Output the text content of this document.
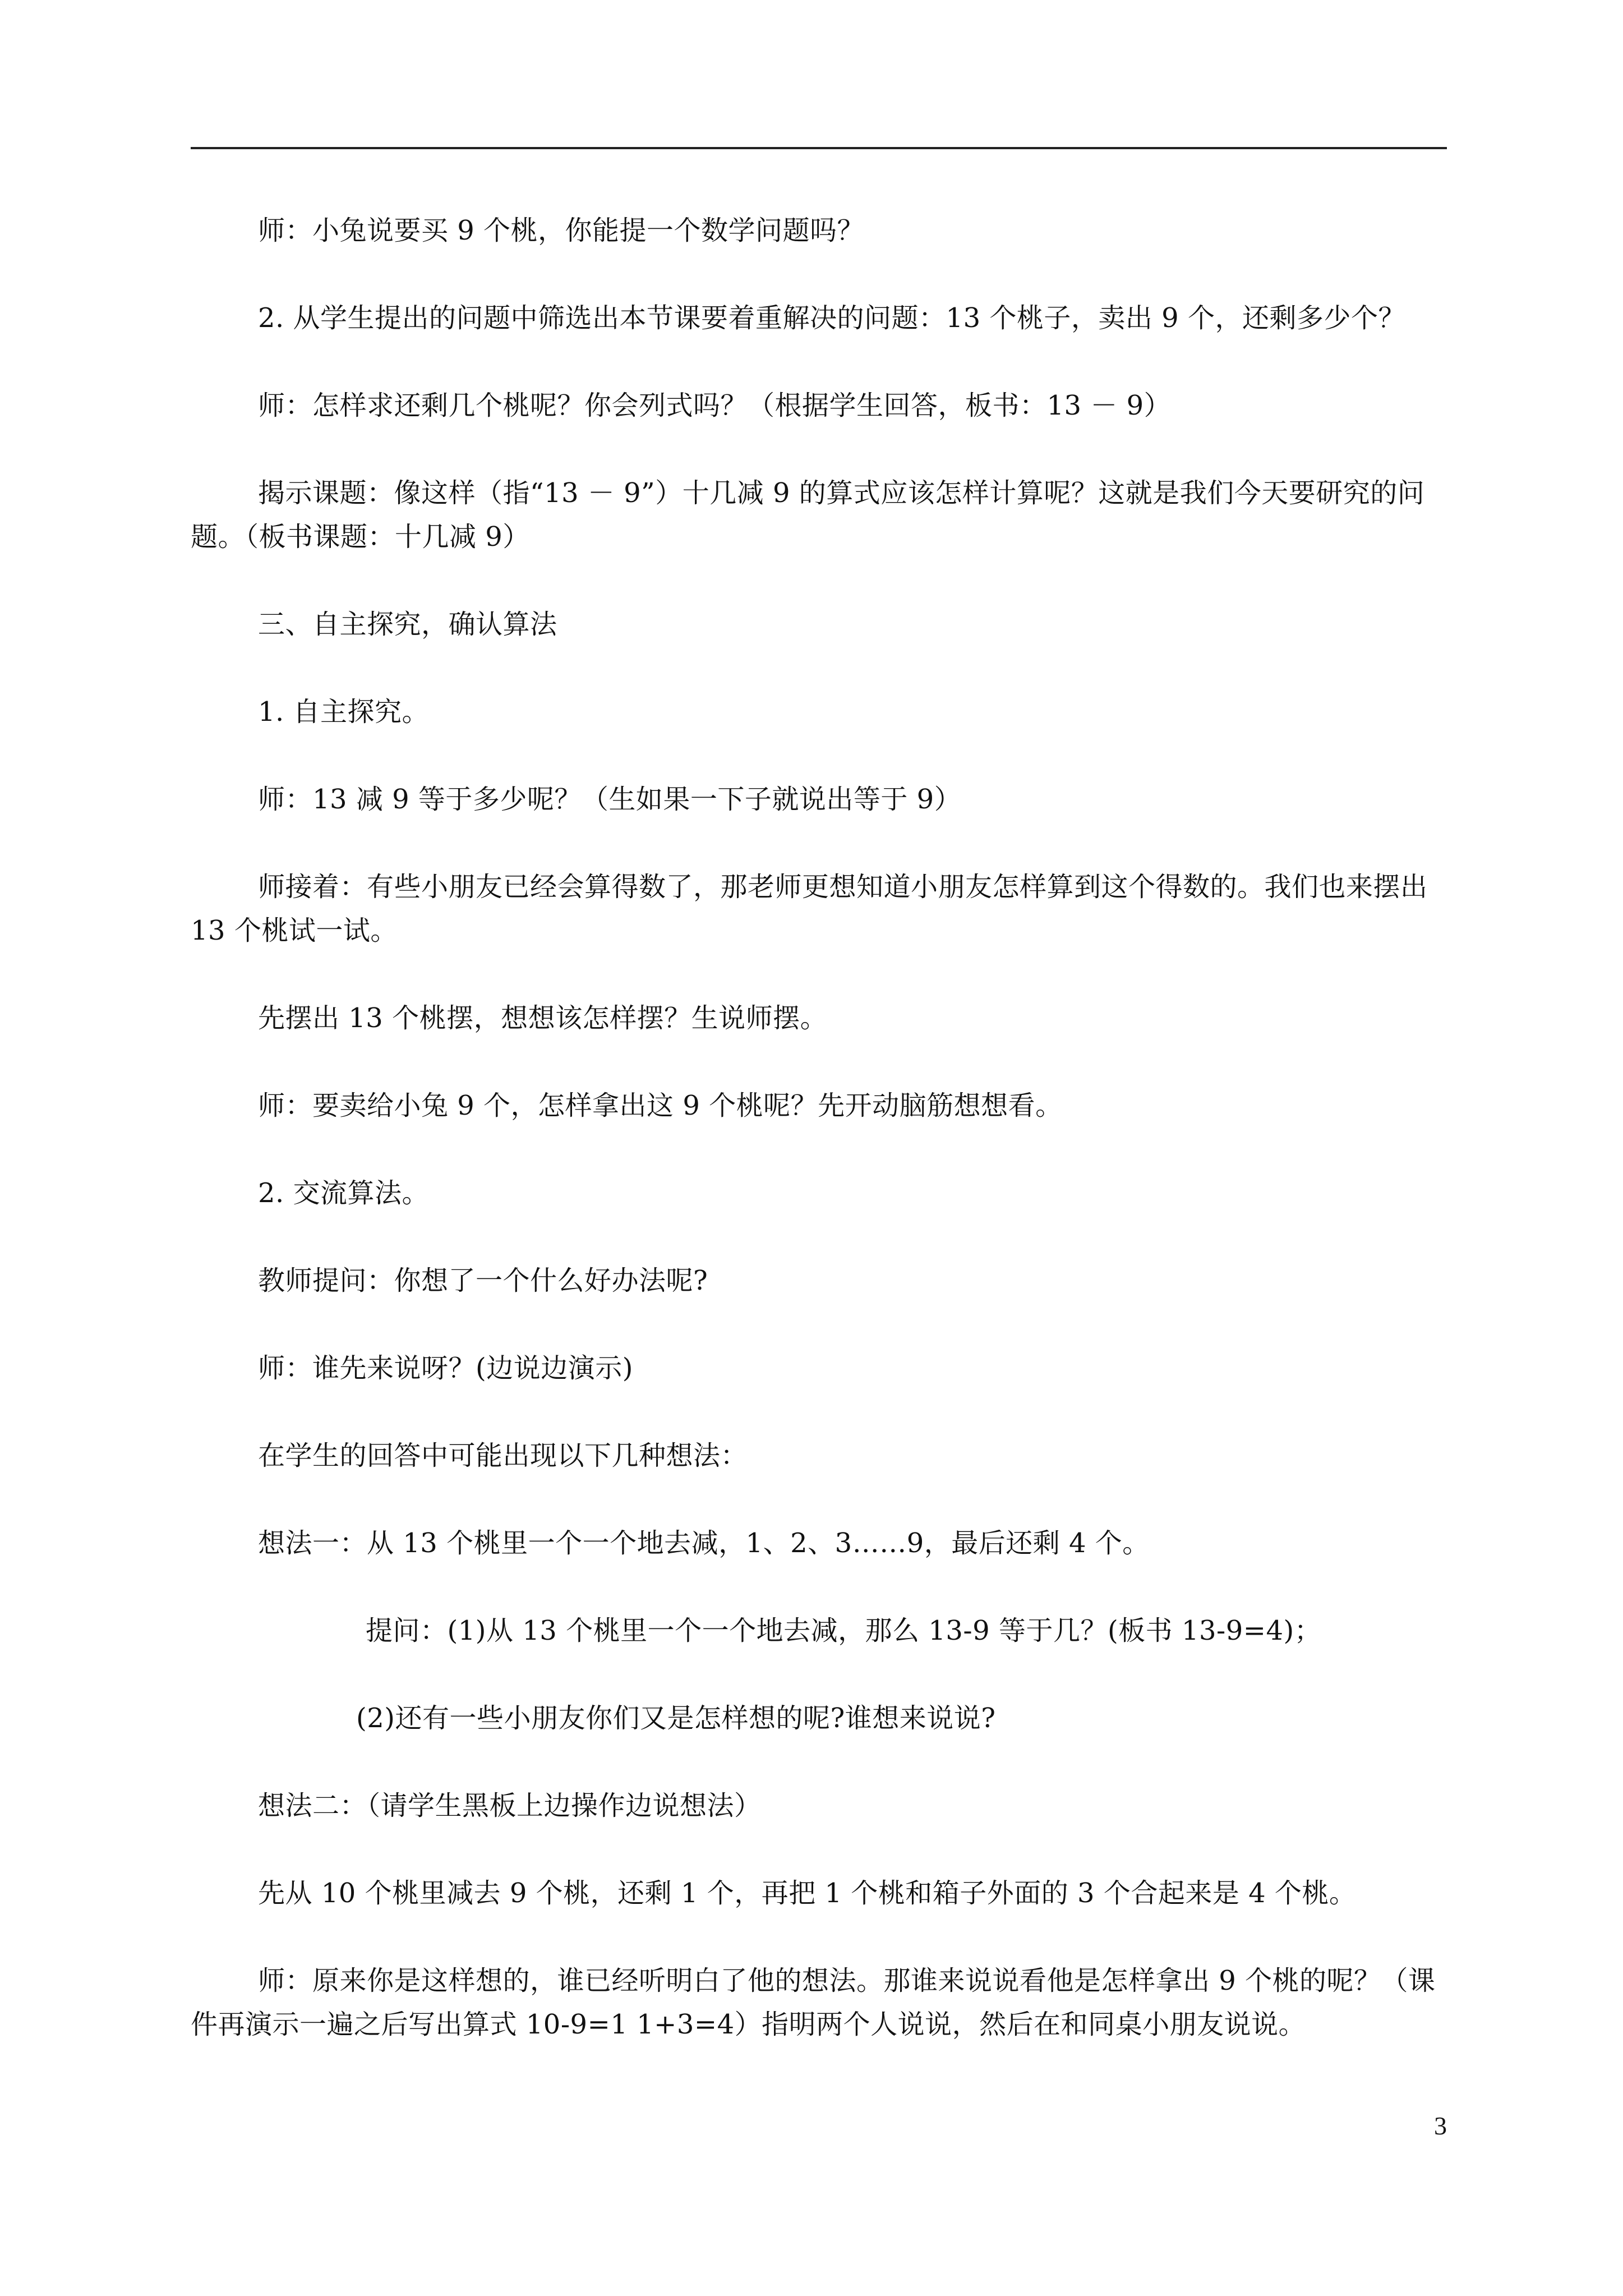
师：小兔说要买 9 个桃，你能提一个数学问题吗？

2. 从学生提出的问题中筛选出本节课要着重解决的问题：13 个桃子，卖出 9 个，还剩多少个？

师：怎样求还剩几个桃呢？你会列式吗？（根据学生回答，板书：13 － 9）

揭示课题：像这样（指“13 － 9”）十几减 9 的算式应该怎样计算呢？这就是我们今天要研究的问题。（板书课题：十几减 9）

三、自主探究，确认算法

1. 自主探究。

师：13 减 9 等于多少呢？（生如果一下子就说出等于 9）

师接着：有些小朋友已经会算得数了，那老师更想知道小朋友怎样算到这个得数的。我们也来摆出 13 个桃试一试。

先摆出 13 个桃摆，想想该怎样摆？生说师摆。

师：要卖给小兔 9 个，怎样拿出这 9 个桃呢？先开动脑筋想想看。

2. 交流算法。

教师提问：你想了一个什么好办法呢?

师：谁先来说呀？(边说边演示)

在学生的回答中可能出现以下几种想法：

想法一：从 13 个桃里一个一个地去减，1、2、3……9，最后还剩 4 个。

提问：(1)从 13 个桃里一个一个地去减，那么 13-9 等于几？(板书 13-9=4)；

(2)还有一些小朋友你们又是怎样想的呢?谁想来说说?

想法二：（请学生黑板上边操作边说想法）

先从 10 个桃里减去 9 个桃，还剩 1 个，再把 1 个桃和箱子外面的 3 个合起来是 4 个桃。

师：原来你是这样想的，谁已经听明白了他的想法。那谁来说说看他是怎样拿出 9 个桃的呢？（课件再演示一遍之后写出算式 10-9=1 1+3=4）指明两个人说说，然后在和同桌小朋友说说。

3
